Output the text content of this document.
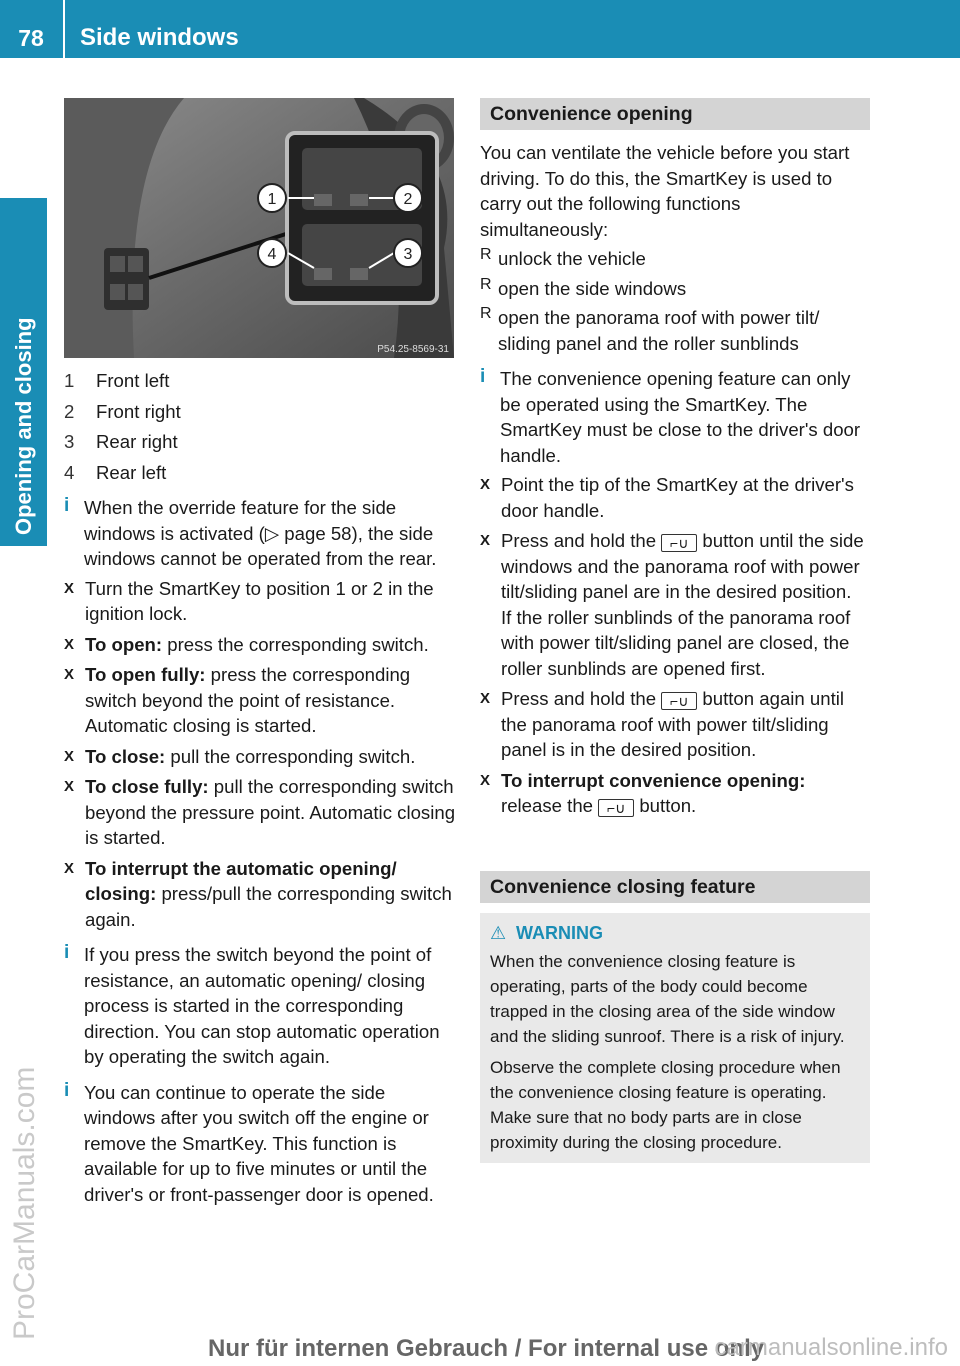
78	Side windows
Opening and closing
ProCarManuals.com
1	2
3
4
P54.25-8569-31
1	Front left
2	Front right
3	Rear right
4	Rear left
i When the override feature for the side windows is activated (▷ page 58), the side windows cannot be operated from the rear.

X Turn the SmartKey to position 1 or 2 in the ignition lock.

X To open: press the corresponding switch.

X To open fully: press the corresponding switch beyond the point of resistance. Automatic closing is started.

X To close: pull the corresponding switch.

X To close fully: pull the corresponding switch beyond the pressure point. Automatic closing is started.

X To interrupt the automatic opening/ closing: press/pull the corresponding switch again.

i If you press the switch beyond the point of resistance, an automatic opening/ closing process is started in the corresponding direction. You can stop automatic operation by operating the switch again.

i You can continue to operate the side windows after you switch off the engine or remove the SmartKey. This function is available for up to five minutes or until the driver's or front-passenger door is opened.

Convenience opening

You can ventilate the vehicle before you start driving. To do this, the SmartKey is used to carry out the following functions simultaneously:

R unlock the vehicle

R open the side windows

R open the panorama roof with power tilt/ sliding panel and the roller sunblinds

i The convenience opening feature can only be operated using the SmartKey. The SmartKey must be close to the driver's door handle.

X Point the tip of the SmartKey at the driver's door handle.

X Press and hold the ⌐∪ button until the side windows and the panorama roof with power tilt/sliding panel are in the desired position.
If the roller sunblinds of the panorama roof with power tilt/sliding panel are closed, the roller sunblinds are opened first.

X Press and hold the ⌐∪ button again until the panorama roof with power tilt/sliding panel is in the desired position.

X To interrupt convenience opening:
release the ⌐∪ button.

Convenience closing feature
⚠ WARNING

When the convenience closing feature is operating, parts of the body could become trapped in the closing area of the side window and the sliding sunroof. There is a risk of injury.

Observe the complete closing procedure when the convenience closing feature is operating. Make sure that no body parts are in close proximity during the closing procedure.

Nur für internen Gebrauch / For internal use only
carmanualsonline.info
